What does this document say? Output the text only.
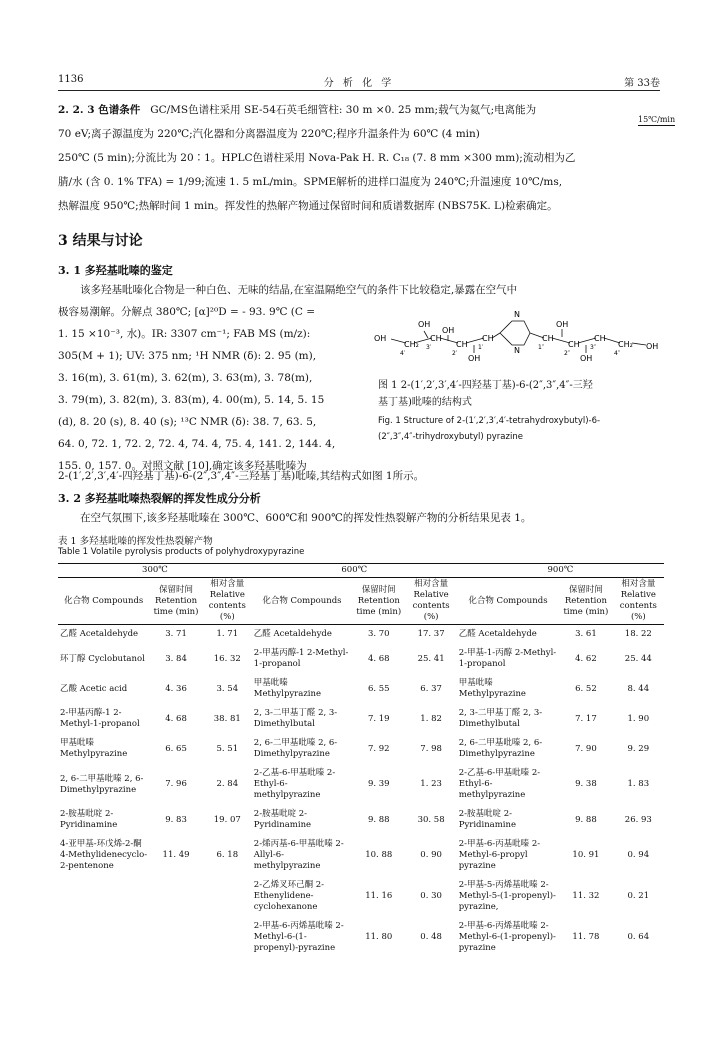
1136	分 析 化 学	第 33卷
2. 2. 3 色谱条件 GC/MS色谱柱采用 SE-54石英毛细管柱: 30 m ×0. 25 mm;载气为氦气;电离能为
70 eV;离子源温度为 220℃;汽化器和分离器温度为 220℃;程序升温条件为 60℃ (4 min)
15℃/min
250℃ (5 min);分流比为 20∶1。HPLC色谱柱采用 Nova-Pak H. R. C₁₈ (7. 8 mm ×300 mm);流动相为乙
腈/水 (含 0. 1% TFA) = 1/99;流速 1. 5 mL/min。SPME解析的进样口温度为 240℃;升温速度 10℃/ms,
热解温度 950℃;热解时间 1 min。挥发性的热解产物通过保留时间和质谱数据库 (NBS75K. L)检索确定。
3 结果与讨论
3. 1 多羟基吡嗪的鉴定
该多羟基吡嗪化合物是一种白色、无味的结晶,在室温隔绝空气的条件下比较稳定,暴露在空气中
极容易潮解。分解点 380℃; [α]²⁰D = - 93. 9℃ (C =
1. 15 ×10⁻³, 水)。IR: 3307 cm⁻¹; FAB MS (m/z):
305(M + 1); UV: 375 nm; ¹H NMR (δ): 2. 95 (m),
3. 16(m), 3. 61(m), 3. 62(m), 3. 63(m), 3. 78(m),
3. 79(m), 3. 82(m), 3. 83(m), 4. 00(m), 5. 14, 5. 15
(d), 8. 20 (s), 8. 40 (s); ¹³C NMR (δ): 38. 7, 63. 5,
64. 0, 72. 1, 72. 2, 72. 4, 74. 4, 75. 4, 141. 2, 144. 4,
155. 0, 157. 0。对照文献 [10],确定该多羟基吡嗪为
2-(1′,2′,3′,4′-四羟基丁基)-6-(2″,3″,4″-三羟基丁基)吡嗪,其结构式如图 1所示。
OH
OH
OH
OH
OH
OH
OH
CH₂
CH
CH
CH	CH
CH
CH
CH₂
N
N
4′
3′
2′
1′	1″
2″
3″
4″
图 1 2-(1′,2′,3′,4′-四羟基丁基)-6-(2″,3″,4″-三羟
基丁基)吡嗪的结构式
Fig. 1 Structure of 2-(1′,2′,3′,4′-tetrahydroxybutyl)-6-
(2″,3″,4″-trihydroxybutyl) pyrazine
3. 2 多羟基吡嗪热裂解的挥发性成分分析
在空气氛围下,该多羟基吡嗪在 300℃、600℃和 900℃的挥发性热裂解产物的分析结果见表 1。
表 1 多羟基吡嗪的挥发性热裂解产物
Table 1 Volatile pyrolysis products of polyhydroxypyrazine
300℃			600℃			900℃		
化合物 Compounds	保留时间 Retention time (min)	相对含量 Relative contents (%)	化合物 Compounds	保留时间 Retention time (min)	相对含量 Relative contents (%)	化合物 Compounds	保留时间 Retention time (min)	相对含量 Relative contents (%)
乙醛 Acetaldehyde	3. 71	1. 71	乙醛 Acetaldehyde	3. 70	17. 37	乙醛 Acetaldehyde	3. 61	18. 22
环丁醇 Cyclobutanol	3. 84	16. 32	2-甲基丙醇-1 2-Methyl-1-propanol	4. 68	25. 41	2-甲基-1-丙醇 2-Methyl-1-propanol	4. 62	25. 44
乙酸 Acetic acid	4. 36	3. 54	甲基吡嗪 Methylpyrazine	6. 55	6. 37	甲基吡嗪 Methylpyrazine	6. 52	8. 44
2-甲基丙醇-1 2-Methyl-1-propanol	4. 68	38. 81	2, 3-二甲基丁醛 2, 3-Dimethylbutal	7. 19	1. 82	2, 3-二甲基丁醛 2, 3-Dimethylbutal	7. 17	1. 90
甲基吡嗪 Methylpyrazine	6. 65	5. 51	2, 6-二甲基吡嗪 2, 6-Dimethylpyrazine	7. 92	7. 98	2, 6-二甲基吡嗪 2, 6-Dimethylpyrazine	7. 90	9. 29
2, 6-二甲基吡嗪 2, 6-Dimethylpyrazine	7. 96	2. 84	2-乙基-6-甲基吡嗪 2-Ethyl-6-methylpyrazine	9. 39	1. 23	2-乙基-6-甲基吡嗪 2-Ethyl-6-methylpyrazine	9. 38	1. 83
2-胺基吡啶 2-Pyridinamine	9. 83	19. 07	2-胺基吡啶 2-Pyridinamine	9. 88	30. 58	2-胺基吡啶 2-Pyridinamine	9. 88	26. 93
4-亚甲基-环戊烯-2-酮 4-Methylidenecyclo-2-pentenone	11. 49	6. 18	2-烯丙基-6-甲基吡嗪 2-Allyl-6-methylpyrazine	10. 88	0. 90	2-甲基-6-丙基吡嗪 2-Methyl-6-propyl pyrazine	10. 91	0. 94
			2-乙烯叉环己酮 2-Ethenylidene-cyclohexanone	11. 16	0. 30	2-甲基-5-丙烯基吡嗪 2-Methyl-5-(1-propenyl)-pyrazine,	11. 32	0. 21
			2-甲基-6-丙烯基吡嗪 2-Methyl-6-(1-propenyl)-pyrazine	11. 80	0. 48	2-甲基-6-丙烯基吡嗪 2-Methyl-6-(1-propenyl)-pyrazine	11. 78	0. 64
